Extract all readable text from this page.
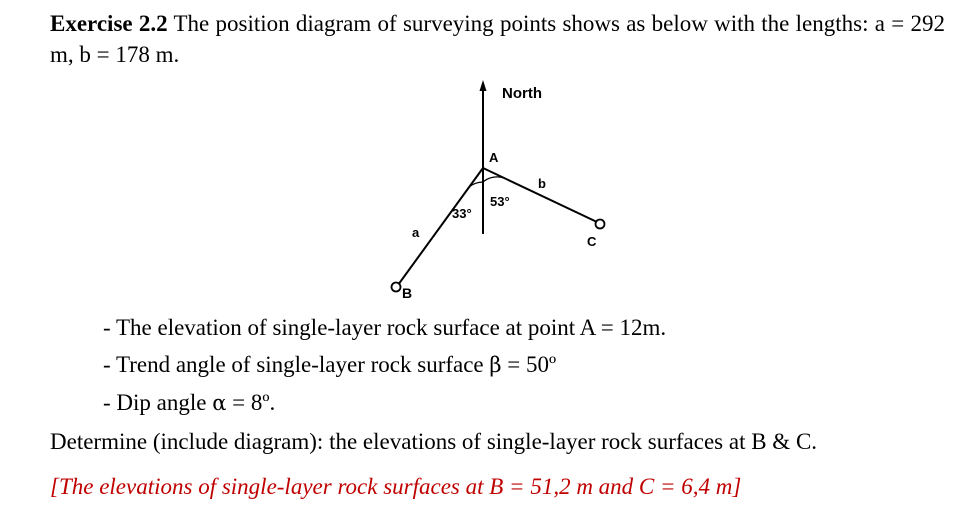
Exercise 2.2 The position diagram of surveying points shows as below with the lengths: a = 292 m, b = 178 m.
North
A
B
a
C
b
33°
53°
- The elevation of single-layer rock surface at point A = 12m.
- Trend angle of single-layer rock surface β = 50º
- Dip angle α = 8º.
Determine (include diagram): the elevations of single-layer rock surfaces at B & C.
[The elevations of single-layer rock surfaces at B = 51,2 m and C = 6,4 m]
